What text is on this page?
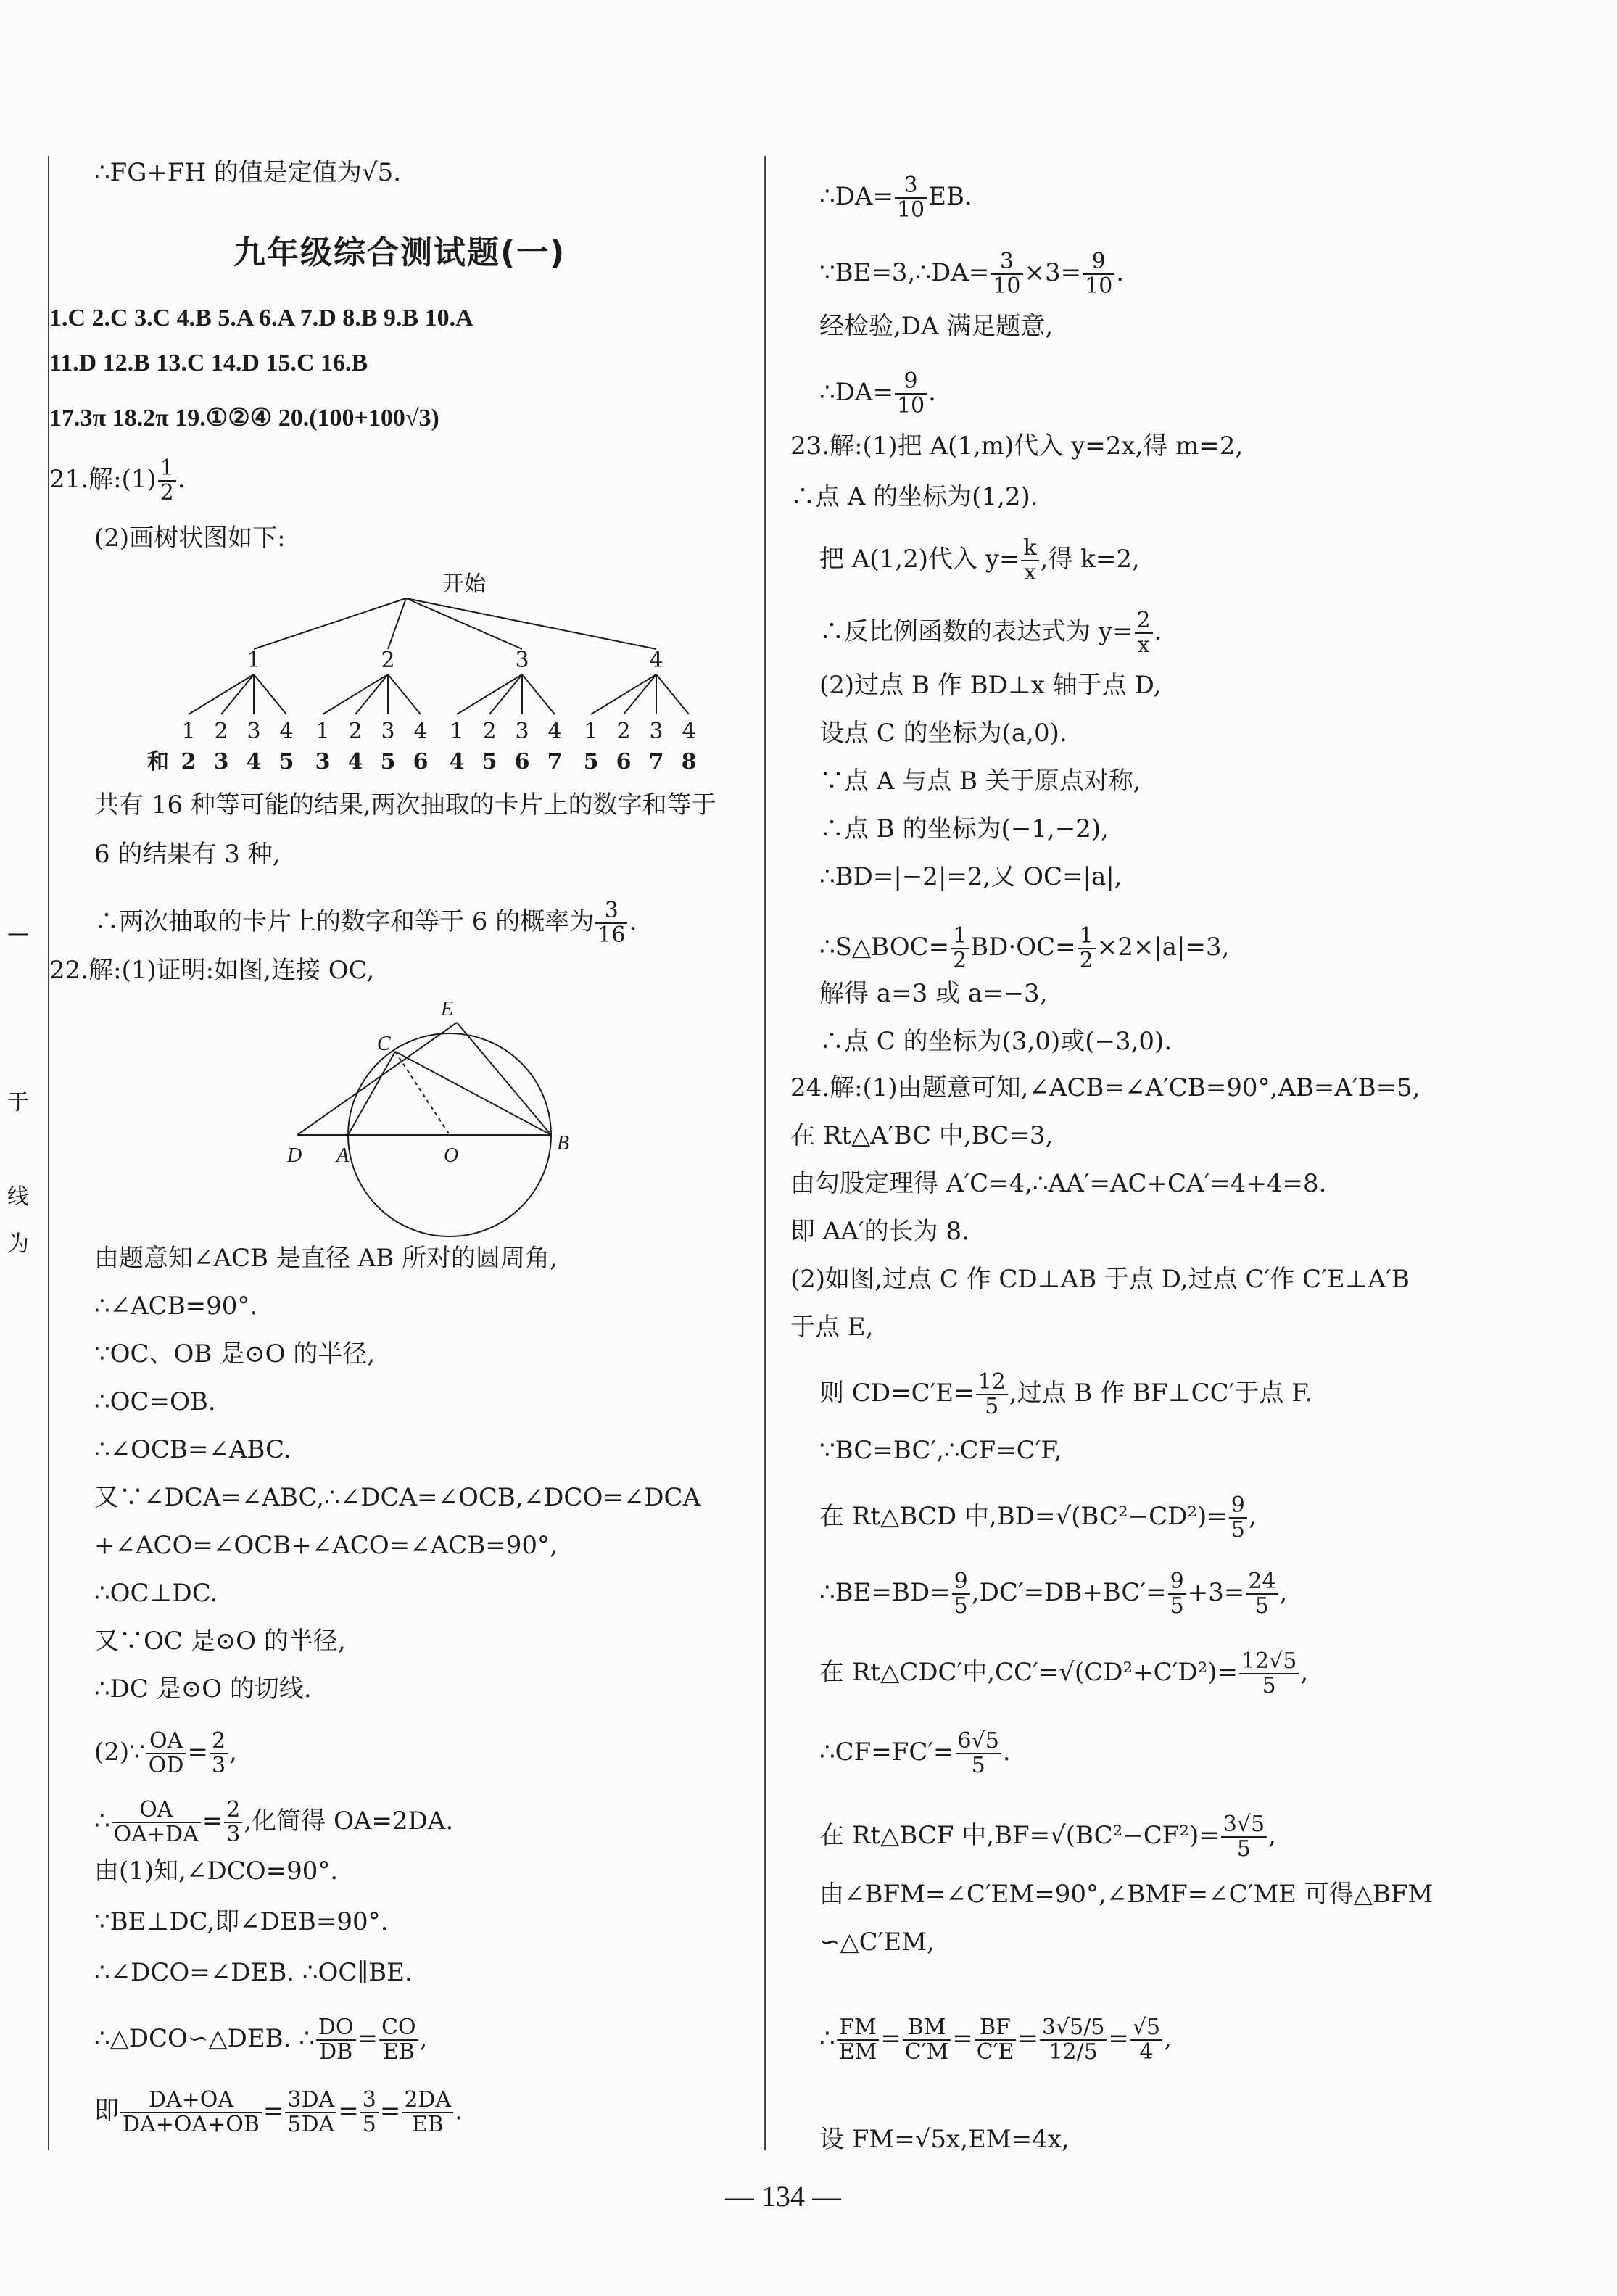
—
于
线
为
∴FG+FH 的值是定值为√5.
九年级综合测试题(一)
1.C 2.C 3.C 4.B 5.A 6.A 7.D 8.B 9.B 10.A
11.D 12.B 13.C 14.D 15.C 16.B
17.3π 18.2π 19.①②④ 20.(100+100√3)
21.解:(1) $\frac{1}{2}$ .
(2)画树状图如下:
开始
1	2	3	4
1 2 3 4 1 2 3 4 1 2 3 4 1 2 3 4
和 2 3 4 5 3 4 5 6 4 5 6 7 5 6 7 8
共有 16 种等可能的结果,两次抽取的卡片上的数字和等于
6 的结果有 3 种,
∴两次抽取的卡片上的数字和等于 6 的概率为 $\frac{3}{16}$ .
22.解:(1)证明:如图,连接 OC,
E
C
D A	O
B
由题意知∠ACB 是直径 AB 所对的圆周角,
∴∠ACB=90°.
∵OC、OB 是⊙O 的半径,
∴OC=OB.
∴∠OCB=∠ABC.
又∵∠DCA=∠ABC,∴∠DCA=∠OCB,∠DCO=∠DCA
+∠ACO=∠OCB+∠ACO=∠ACB=90°,
∴OC⊥DC.
又∵OC 是⊙O 的半径,
∴DC 是⊙O 的切线.
(2)∵ $\frac{OA}{OD} = \frac{2}{3}$ ,
∴ $\frac{OA}{OA+DA} = \frac{2}{3}$ ,化简得 OA=2DA.
由(1)知,∠DCO=90°.
∵BE⊥DC,即∠DEB=90°.
∴∠DCO=∠DEB. ∴OC∥BE.
∴△DCO∽△DEB. ∴ $\frac{DO}{DB} = \frac{CO}{EB}$ ,
即 $\frac{DA+OA}{DA+OA+OB} = \frac{3DA}{5DA} = \frac{3}{5} = \frac{2DA}{EB}$ .
∴DA= $\frac{3}{10}$ EB.
∵BE=3,∴DA= $\frac{3}{10} \times 3= \frac{9}{10}$ .
经检验,DA 满足题意,
∴DA= $\frac{9}{10}$ .
23.解:(1)把 A(1,m)代入 y=2x,得 m=2,
∴点 A 的坐标为(1,2).
把 A(1,2)代入 $y= \frac{k}{x}$ ,得 k=2,
∴反比例函数的表达式为 $y= \frac{2}{x}$ .
(2)过点 B 作 BD⊥x 轴于点 D,
设点 C 的坐标为(a,0).
∵点 A 与点 B 关于原点对称,
∴点 B 的坐标为(−1,−2),
∴BD=|−2|=2,又 OC=|a|,
∴S△BOC= $\frac{1}{2} BD\cdot OC= \frac{1}{2} \times 2\times|a|=3$,
解得 a=3 或 a=−3,
∴点 C 的坐标为(3,0)或(−3,0).
24.解:(1)由题意可知,∠ACB=∠A′CB=90°,AB=A′B=5,
在 Rt△A′BC 中,BC=3,
由勾股定理得 A′C=4,∴AA′=AC+CA′=4+4=8.
即 AA′的长为 8.
(2)如图,过点 C 作 CD⊥AB 于点 D,过点 C′作 C′E⊥A′B
于点 E,
则 $CD=C'E= \frac{12}{5}$ ,过点 B 作 BF⊥CC′于点 F.
∵BC=BC′,∴CF=C′F,
在 Rt△BCD 中$,BD=√(BC^2-CD^2)= \frac{9}{5}$ ,
∴BE=BD= $\frac{9}{5} ,DC'=DB+BC'= \frac{9}{5} +3= \frac{24}{5}$ ,
在 Rt△CDC′中$,CC'=√(CD^2+C'D^2)= \frac{12√5}{5}$ ,
∴CF=FC′= $\frac{6√5}{5}$ .
在 Rt△BCF 中$,BF=√(BC^2-CF^2)= \frac{3√5}{5}$ ,
由∠BFM=∠C′EM=90°,∠BMF=∠C′ME 可得△BFM
∽△C′EM,
∴ $\frac{FM}{EM} = \frac{BM}{C'M} = \frac{BF}{C'E} = \frac{3√5/5}{12/5} = \frac{√5}{4}$ ,
设 FM=√5x,EM=4x,
— 134 —
